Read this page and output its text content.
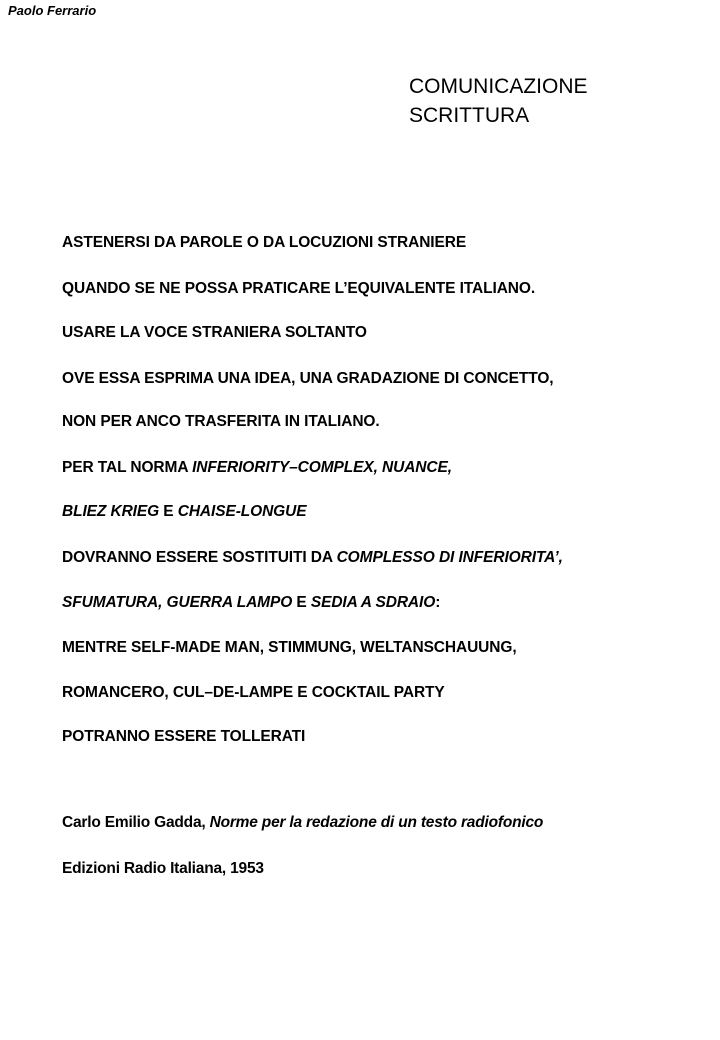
Paolo Ferrario
COMUNICAZIONE
SCRITTURA
ASTENERSI DA PAROLE O DA LOCUZIONI STRANIERE
QUANDO SE NE POSSA PRATICARE L’EQUIVALENTE ITALIANO.
USARE LA VOCE STRANIERA SOLTANTO
OVE ESSA ESPRIMA UNA IDEA, UNA GRADAZIONE DI CONCETTO,
NON PER ANCO TRASFERITA IN ITALIANO.
PER TAL NORMA INFERIORITY–COMPLEX, NUANCE,
BLIEZ KRIEG E CHAISE-LONGUE
DOVRANNO ESSERE SOSTITUITI DA COMPLESSO DI INFERIORITA’,
SFUMATURA, GUERRA LAMPO E SEDIA A SDRAIO:
MENTRE SELF-MADE MAN, STIMMUNG, WELTANSCHAUUNG,
ROMANCERO, CUL–DE-LAMPE E COCKTAIL PARTY
POTRANNO ESSERE TOLLERATI
Carlo Emilio Gadda, Norme per la redazione di un testo radiofonico
Edizioni Radio Italiana, 1953
